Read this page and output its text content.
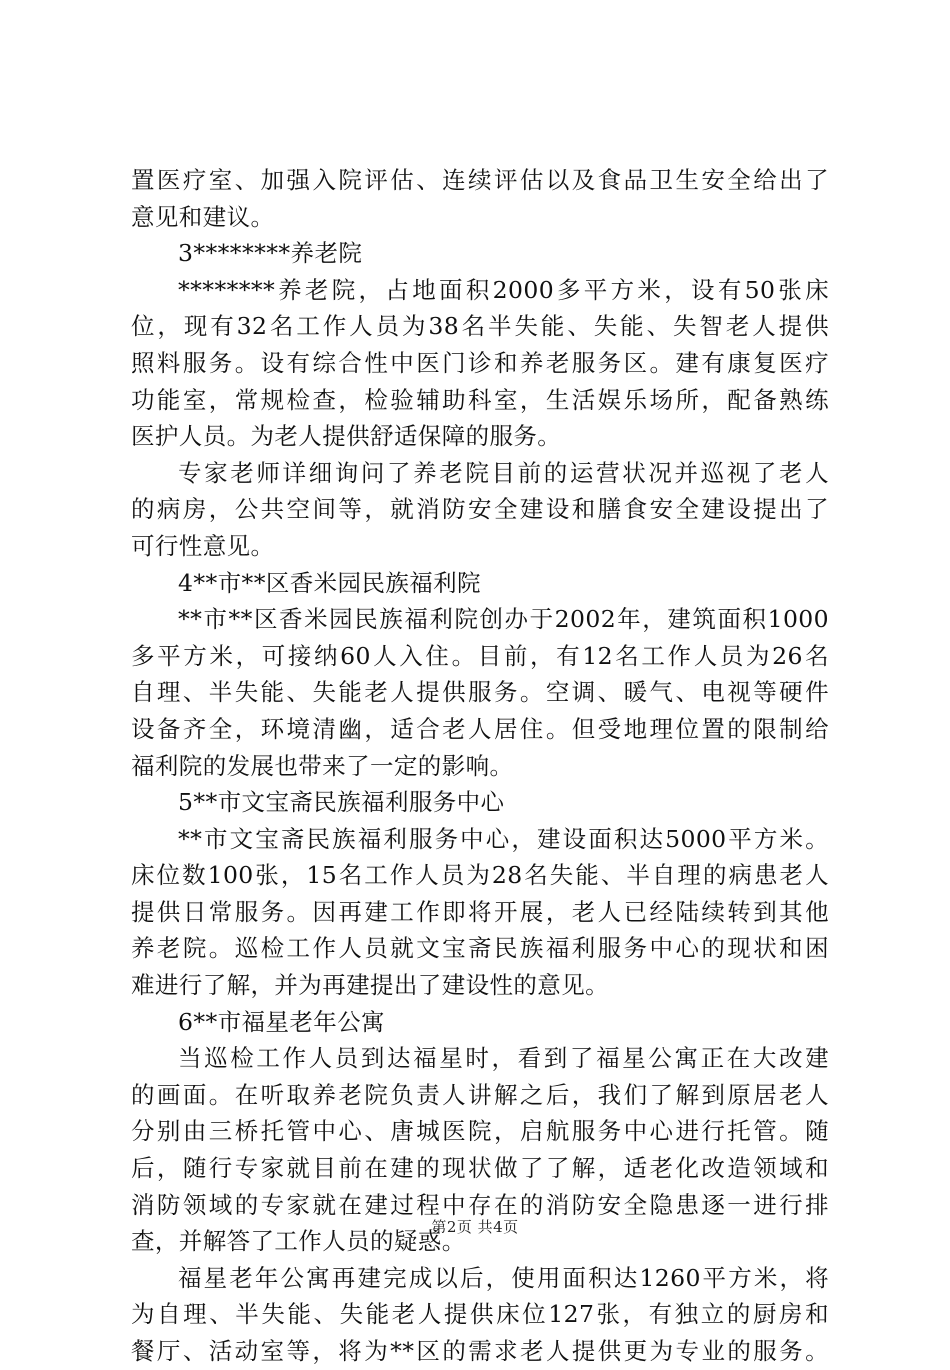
置医疗室、加强入院评估、连续评估以及食品卫生安全给出了
意见和建议。
3********养老院
********养老院，占地面积2000多平方米，设有50张床
位，现有32名工作人员为38名半失能、失能、失智老人提供
照料服务。设有综合性中医门诊和养老服务区。建有康复医疗
功能室，常规检查，检验辅助科室，生活娱乐场所，配备熟练
医护人员。为老人提供舒适保障的服务。
专家老师详细询问了养老院目前的运营状况并巡视了老人
的病房，公共空间等，就消防安全建设和膳食安全建设提出了
可行性意见。
4**市**区香米园民族福利院
**市**区香米园民族福利院创办于2002年，建筑面积1000
多平方米，可接纳60人入住。目前，有12名工作人员为26名
自理、半失能、失能老人提供服务。空调、暖气、电视等硬件
设备齐全，环境清幽，适合老人居住。但受地理位置的限制给
福利院的发展也带来了一定的影响。
5**市文宝斋民族福利服务中心
**市文宝斋民族福利服务中心，建设面积达5000平方米。
床位数100张，15名工作人员为28名失能、半自理的病患老人
提供日常服务。因再建工作即将开展，老人已经陆续转到其他
养老院。巡检工作人员就文宝斋民族福利服务中心的现状和困
难进行了解，并为再建提出了建设性的意见。
6**市福星老年公寓
当巡检工作人员到达福星时，看到了福星公寓正在大改建
的画面。在听取养老院负责人讲解之后，我们了解到原居老人
分别由三桥托管中心、唐城医院，启航服务中心进行托管。随
后，随行专家就目前在建的现状做了了解，适老化改造领域和
消防领域的专家就在建过程中存在的消防安全隐患逐一进行排
查，并解答了工作人员的疑惑。
福星老年公寓再建完成以后，使用面积达1260平方米，将
为自理、半失能、失能老人提供床位127张，有独立的厨房和
餐厅、活动室等，将为**区的需求老人提供更为专业的服务。
第2页 共4页
